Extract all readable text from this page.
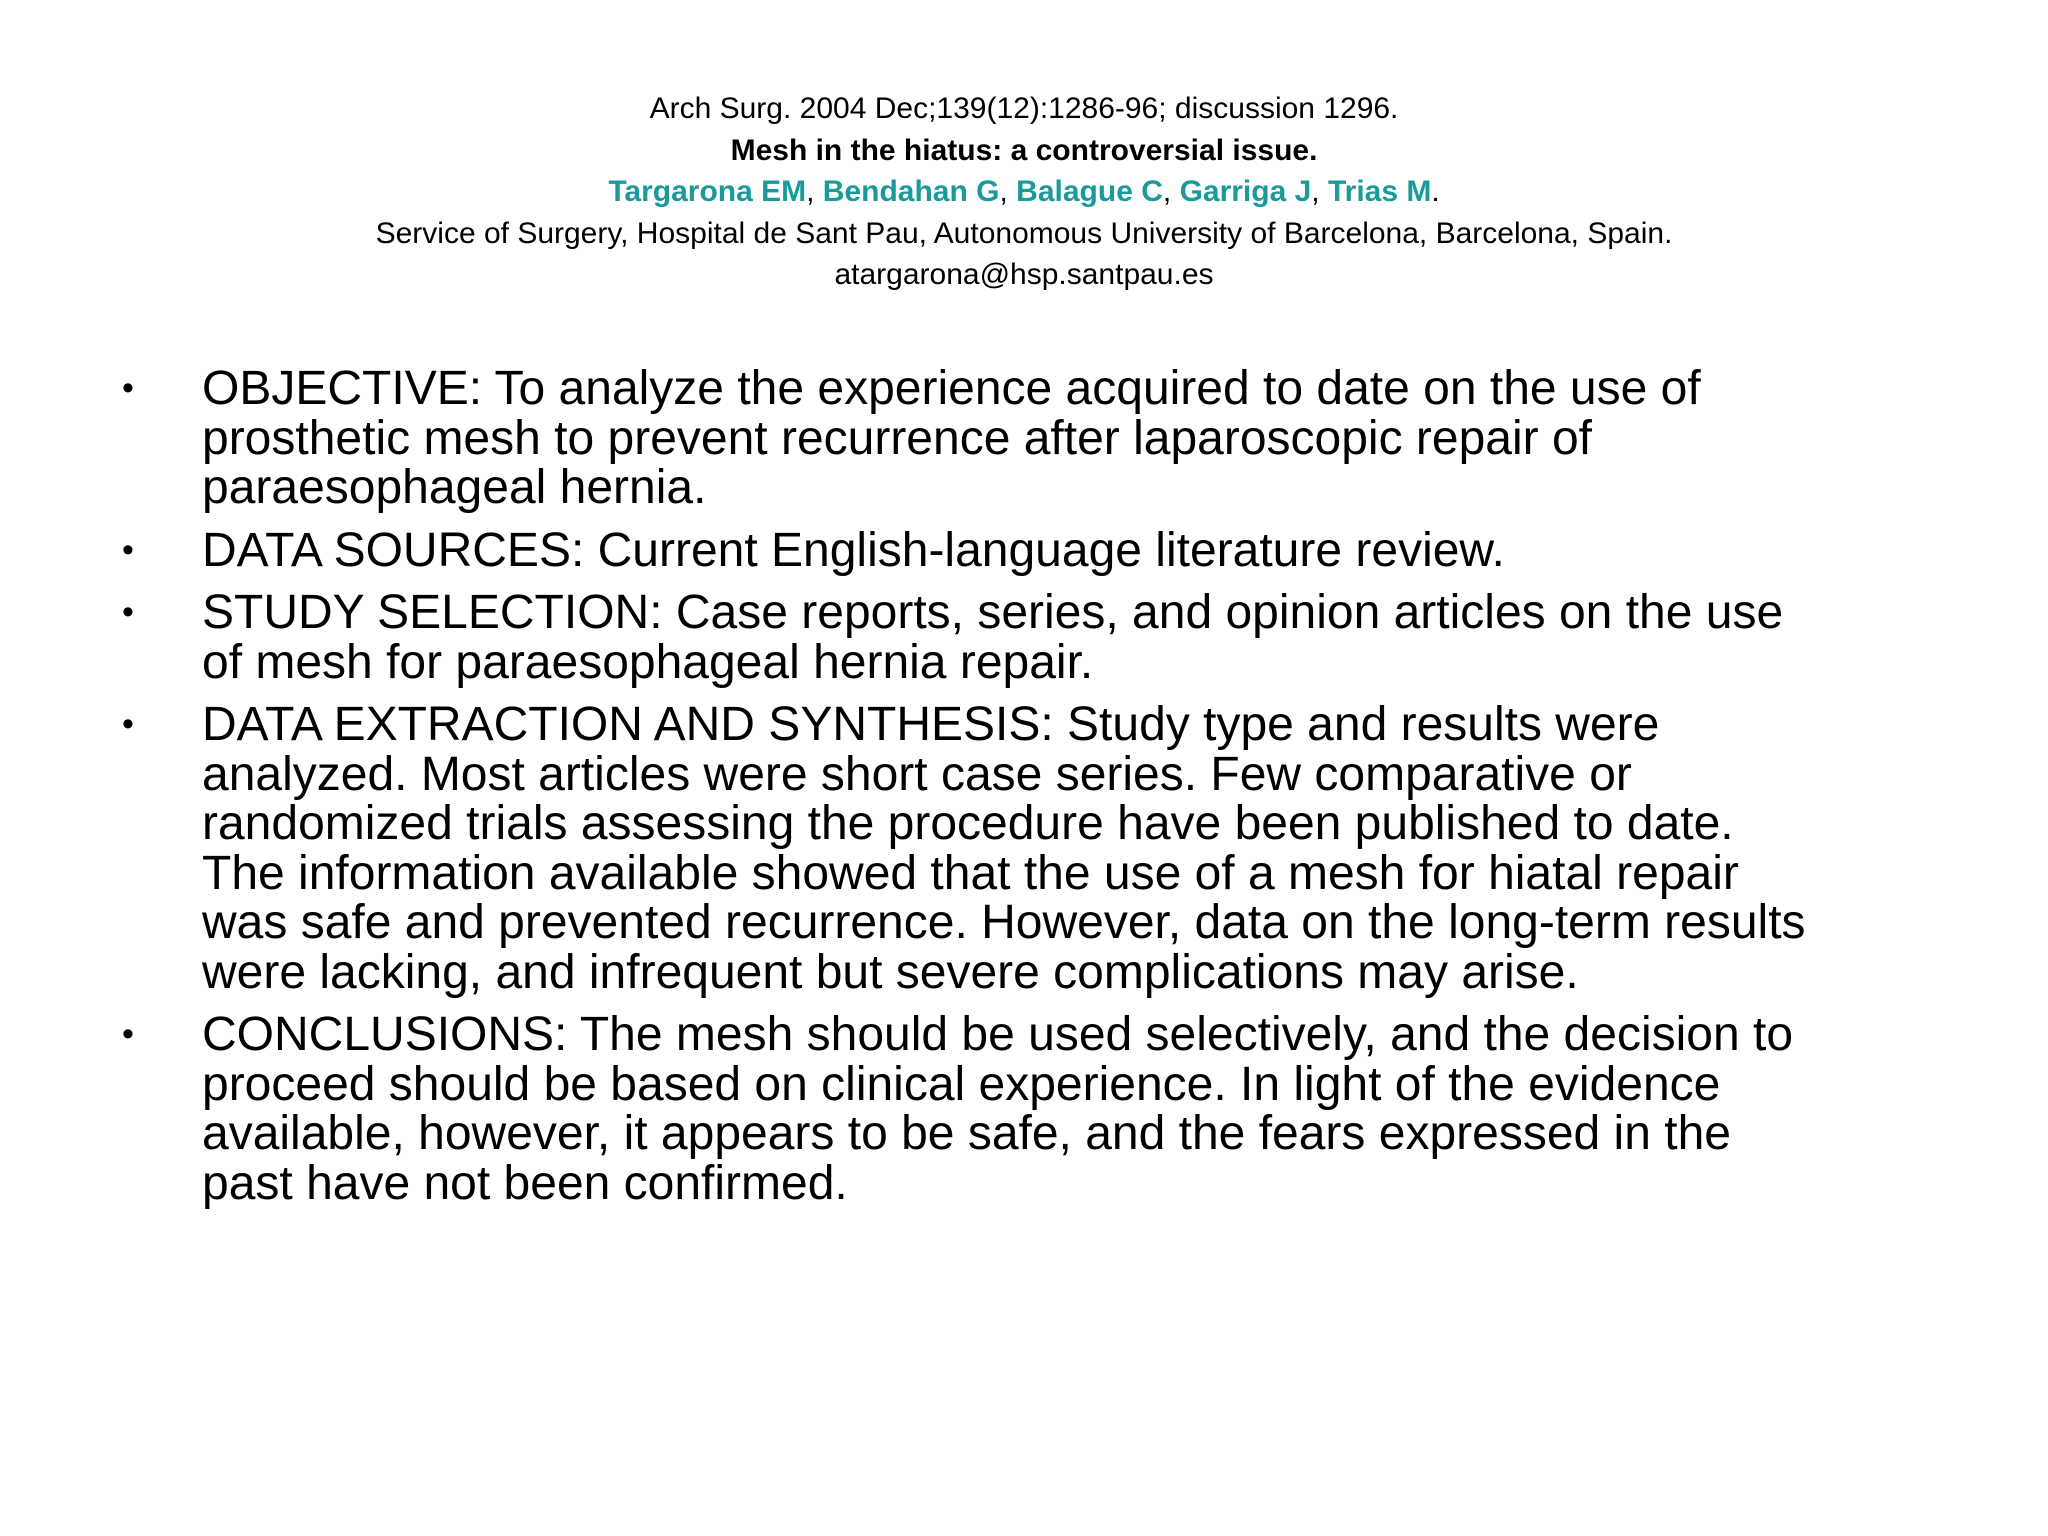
Arch Surg. 2004 Dec;139(12):1286-96; discussion 1296.
Mesh in the hiatus: a controversial issue.
Targarona EM, Bendahan G, Balague C, Garriga J, Trias M.
Service of Surgery, Hospital de Sant Pau, Autonomous University of Barcelona, Barcelona, Spain.
atargarona@hsp.santpau.es
• OBJECTIVE: To analyze the experience acquired to date on the use of
prosthetic mesh to prevent recurrence after laparoscopic repair of
paraesophageal hernia.
• DATA SOURCES: Current English-language literature review.
• STUDY SELECTION: Case reports, series, and opinion articles on the use
of mesh for paraesophageal hernia repair.
• DATA EXTRACTION AND SYNTHESIS: Study type and results were
analyzed. Most articles were short case series. Few comparative or
randomized trials assessing the procedure have been published to date.
The information available showed that the use of a mesh for hiatal repair
was safe and prevented recurrence. However, data on the long-term results
were lacking, and infrequent but severe complications may arise.
• CONCLUSIONS: The mesh should be used selectively, and the decision to
proceed should be based on clinical experience. In light of the evidence
available, however, it appears to be safe, and the fears expressed in the
past have not been confirmed.
